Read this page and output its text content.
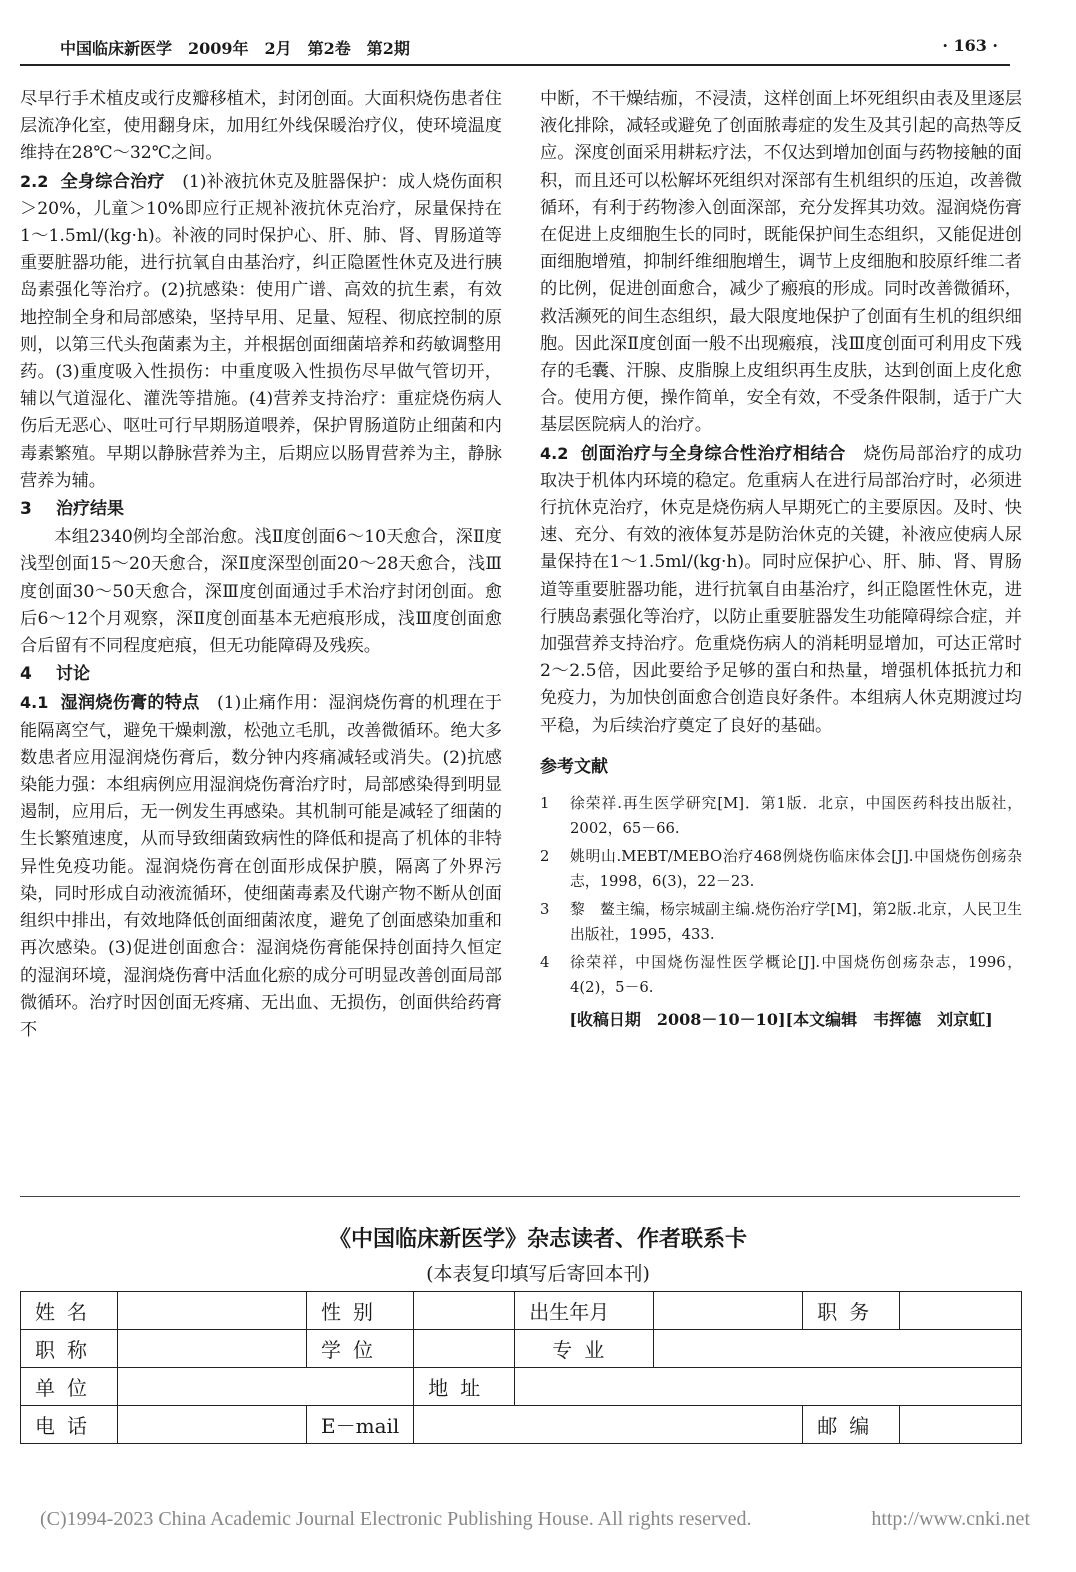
中国临床新医学　2009年　2月　第2卷　第2期	· 163 ·

尽早行手术植皮或行皮瓣移植术，封闭创面。大面积烧伤患者住层流净化室，使用翻身床，加用红外线保暖治疗仪，使环境温度维持在28℃～32℃之间。

2.2 全身综合治疗　 (1)补液抗休克及脏器保护：成人烧伤面积＞20%，儿童＞10%即应行正规补液抗休克治疗，尿量保持在1～1.5ml/(kg·h)。补液的同时保护心、肝、肺、肾、胃肠道等重要脏器功能，进行抗氧自由基治疗，纠正隐匿性休克及进行胰岛素强化等治疗。(2)抗感染：使用广谱、高效的抗生素，有效地控制全身和局部感染，坚持早用、足量、短程、彻底控制的原则，以第三代头孢菌素为主，并根据创面细菌培养和药敏调整用药。(3)重度吸入性损伤：中重度吸入性损伤尽早做气管切开，辅以气道湿化、灌洗等措施。(4)营养支持治疗：重症烧伤病人伤后无恶心、呕吐可行早期肠道喂养，保护胃肠道防止细菌和内毒素繁殖。早期以静脉营养为主，后期应以肠胃营养为主，静脉营养为辅。

3 治疗结果

本组2340例均全部治愈。浅Ⅱ度创面6～10天愈合，深Ⅱ度浅型创面15～20天愈合，深Ⅱ度深型创面20～28天愈合，浅Ⅲ度创面30～50天愈合，深Ⅲ度创面通过手术治疗封闭创面。愈后6～12个月观察，深Ⅱ度创面基本无疤痕形成，浅Ⅲ度创面愈合后留有不同程度疤痕，但无功能障碍及残疾。

4 讨论

4.1 湿润烧伤膏的特点　 (1)止痛作用：湿润烧伤膏的机理在于能隔离空气，避免干燥刺激，松弛立毛肌，改善微循环。绝大多数患者应用湿润烧伤膏后，数分钟内疼痛减轻或消失。(2)抗感染能力强：本组病例应用湿润烧伤膏治疗时，局部感染得到明显遏制，应用后，无一例发生再感染。其机制可能是减轻了细菌的生长繁殖速度，从而导致细菌致病性的降低和提高了机体的非特异性免疫功能。湿润烧伤膏在创面形成保护膜，隔离了外界污染，同时形成自动液流循环，使细菌毒素及代谢产物不断从创面组织中排出，有效地降低创面细菌浓度，避免了创面感染加重和再次感染。(3)促进创面愈合：湿润烧伤膏能保持创面持久恒定的湿润环境，湿润烧伤膏中活血化瘀的成分可明显改善创面局部微循环。治疗时因创面无疼痛、无出血、无损伤，创面供给药膏不

中断，不干燥结痂，不浸渍，这样创面上坏死组织由表及里逐层液化排除，减轻或避免了创面脓毒症的发生及其引起的高热等反应。深度创面采用耕耘疗法，不仅达到增加创面与药物接触的面积，而且还可以松解坏死组织对深部有生机组织的压迫，改善微循环，有利于药物渗入创面深部，充分发挥其功效。湿润烧伤膏在促进上皮细胞生长的同时，既能保护间生态组织，又能促进创面细胞增殖，抑制纤维细胞增生，调节上皮细胞和胶原纤维二者的比例，促进创面愈合，减少了瘢痕的形成。同时改善微循环，救活濒死的间生态组织，最大限度地保护了创面有生机的组织细胞。因此深Ⅱ度创面一般不出现瘢痕，浅Ⅲ度创面可利用皮下残存的毛囊、汗腺、皮脂腺上皮组织再生皮肤，达到创面上皮化愈合。使用方便，操作简单，安全有效，不受条件限制，适于广大基层医院病人的治疗。

4.2 创面治疗与全身综合性治疗相结合　 烧伤局部治疗的成功取决于机体内环境的稳定。危重病人在进行局部治疗时，必须进行抗休克治疗，休克是烧伤病人早期死亡的主要原因。及时、快速、充分、有效的液体复苏是防治休克的关键，补液应使病人尿量保持在1～1.5ml/(kg·h)。同时应保护心、肝、肺、肾、胃肠道等重要脏器功能，进行抗氧自由基治疗，纠正隐匿性休克，进行胰岛素强化等治疗，以防止重要脏器发生功能障碍综合症，并加强营养支持治疗。危重烧伤病人的消耗明显增加，可达正常时2～2.5倍，因此要给予足够的蛋白和热量，增强机体抵抗力和免疫力，为加快创面愈合创造良好条件。本组病人休克期渡过均平稳，为后续治疗奠定了良好的基础。

参考文献
1 徐荣祥.再生医学研究[M]．第1版．北京，中国医药科技出版社，2002，65－66.
2 姚明山.MEBT/MEBO治疗468例烧伤临床体会[J].中国烧伤创疡杂志，1998，6(3)，22－23.
3 黎　鳌主编，杨宗城副主编.烧伤治疗学[M]，第2版.北京，人民卫生出版社，1995，433.
4 徐荣祥，中国烧伤湿性医学概论[J].中国烧伤创疡杂志，1996，4(2)，5－6.
[收稿日期　2008－10－10][本文编辑　韦挥德　刘京虹]
《中国临床新医学》杂志读者、作者联系卡
(本表复印填写后寄回本刊)
姓名		性别		出生年月		职务	
职称		学位		专业			
单位			地址				
电话		E－mail				邮编	
(C)1994-2023 China Academic Journal Electronic Publishing House. All rights reserved.	http://www.cnki.net
